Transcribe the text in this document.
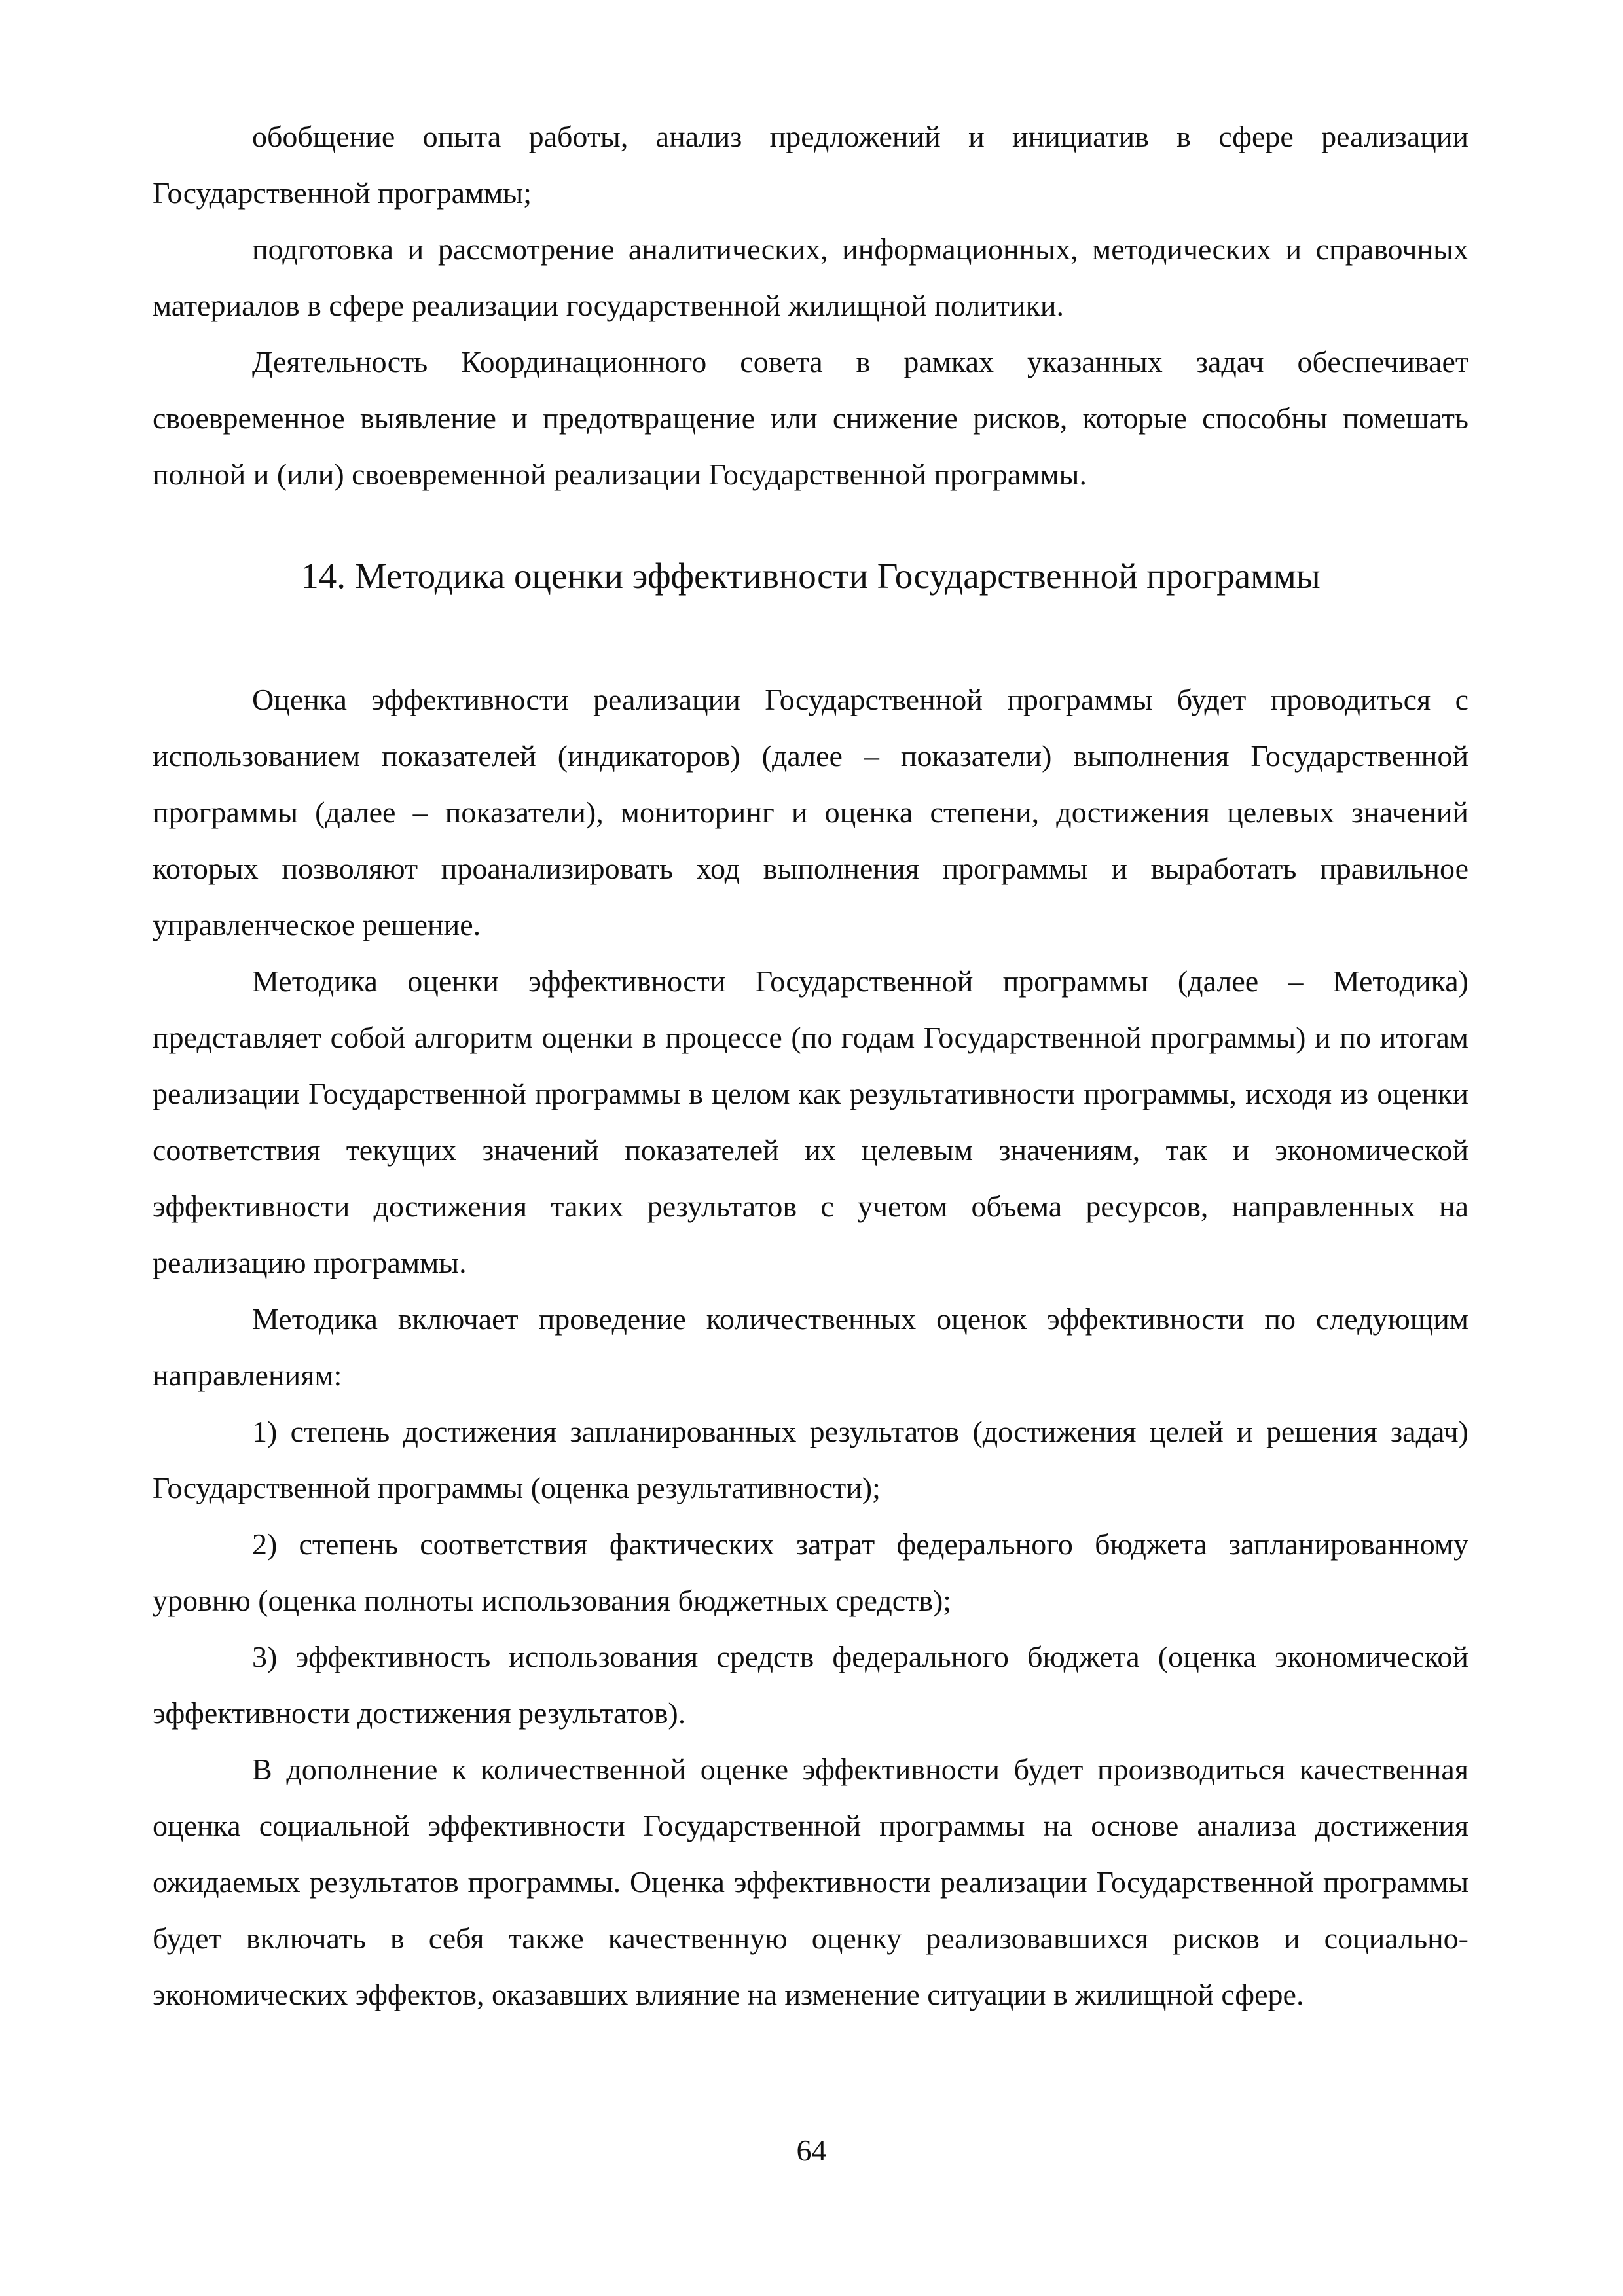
обобщение опыта работы, анализ предложений и инициатив в сфере реализации Государственной программы;

подготовка и рассмотрение аналитических, информационных, методических и справочных материалов в сфере реализации государственной жилищной политики.

Деятельность Координационного совета в рамках указанных задач обеспечивает своевременное выявление и предотвращение или снижение рисков, которые способны помешать полной и (или) своевременной реализации Государственной программы.

14. Методика оценки эффективности Государственной программы

Оценка эффективности реализации Государственной программы будет проводиться с использованием показателей (индикаторов) (далее – показатели) выполнения Государственной программы (далее – показатели), мониторинг и оценка степени, достижения целевых значений которых позволяют проанализировать ход выполнения программы и выработать правильное управленческое решение.

Методика оценки эффективности Государственной программы (далее – Методика) представляет собой алгоритм оценки в процессе (по годам Государственной программы) и по итогам реализации Государственной программы в целом как результативности программы, исходя из оценки соответствия текущих значений показателей их целевым значениям, так и экономической эффективности достижения таких результатов с учетом объема ресурсов, направленных на реализацию программы.

Методика включает проведение количественных оценок эффективности по следующим направлениям:

1) степень достижения запланированных результатов (достижения целей и решения задач) Государственной программы (оценка результативности);

2) степень соответствия фактических затрат федерального бюджета запланированному уровню (оценка полноты использования бюджетных средств);

3) эффективность использования средств федерального бюджета (оценка экономической эффективности достижения результатов).

В дополнение к количественной оценке эффективности будет производиться качественная оценка социальной эффективности Государственной программы на основе анализа достижения ожидаемых результатов программы. Оценка эффективности реализации Государственной программы будет включать в себя также качественную оценку реализовавшихся рисков и социально-экономических эффектов, оказавших влияние на изменение ситуации в жилищной сфере.

64
